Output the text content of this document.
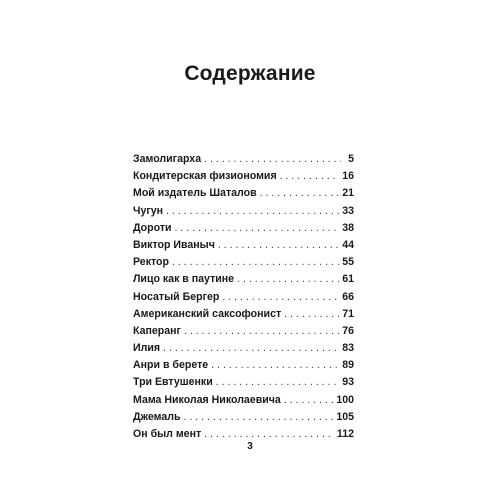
Содержание
Замолигарха . . .	5
Кондитерская физиономия . . .	16
Мой издатель Шаталов . . .	21
Чугун . . .	33
Дороти . . .	38
Виктор Иваныч . . .	44
Ректор . . .	55
Лицо как в паутине . . .	61
Носатый Бергер . . .	66
Американский саксофонист . . .	71
Каперанг . . .	76
Илия . . .	83
Анри в берете . . .	89
Три Евтушенки . . .	93
Мама Николая Николаевича . . .	100
Джемаль . . .	105
Он был мент . . .	112
3
